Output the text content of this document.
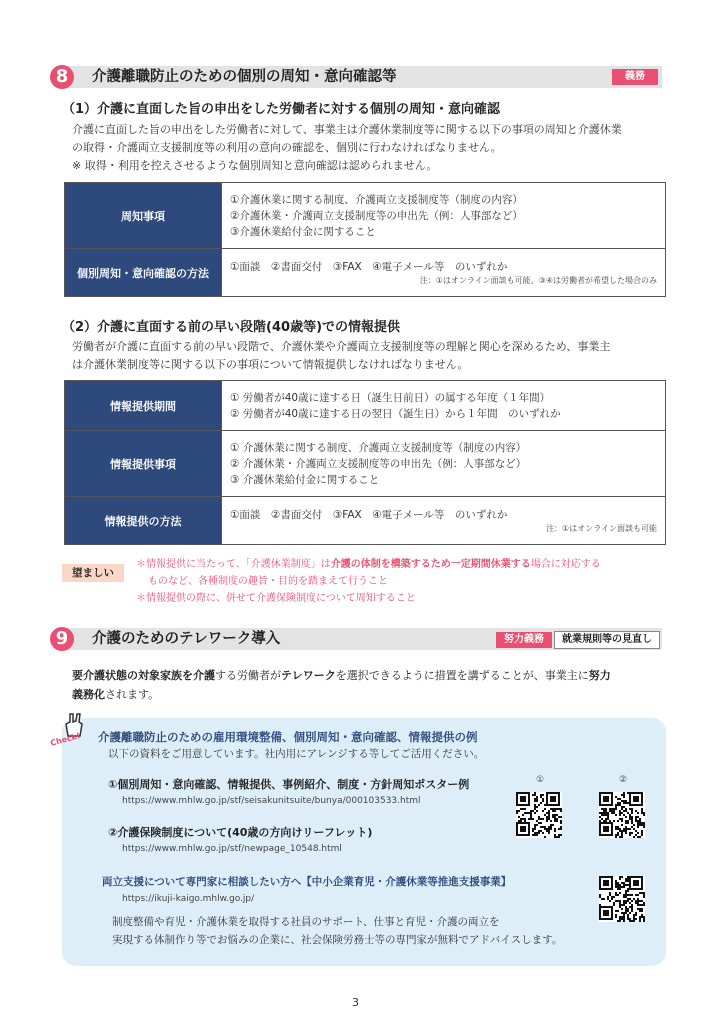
8	介護離職防止のための個別の周知・意向確認等	義務
（1）介護に直面した旨の申出をした労働者に対する個別の周知・意向確認
介護に直面した旨の申出をした労働者に対して、事業主は介護休業制度等に関する以下の事項の周知と介護休業
の取得・介護両立支援制度等の利用の意向の確認を、個別に行わなければなりません。
※ 取得・利用を控えさせるような個別周知と意向確認は認められません。
周知事項	①介護休業に関する制度、介護両立支援制度等（制度の内容）
②介護休業・介護両立支援制度等の申出先（例：人事部など）
③介護休業給付金に関すること

個別周知・意向確認の方法	①面談　②書面交付　③FAX　④電子メール等　のいずれか
注：①はオンライン面談も可能。③④は労働者が希望した場合のみ
（2）介護に直面する前の早い段階(40歳等)での情報提供
労働者が介護に直面する前の早い段階で、介護休業や介護両立支援制度等の理解と関心を深めるため、事業主
は介護休業制度等に関する以下の事項について情報提供しなければなりません。
情報提供期間	① 労働者が40歳に達する日（誕生日前日）の属する年度（１年間）
② 労働者が40歳に達する日の翌日（誕生日）から１年間　のいずれか

情報提供事項	① 介護休業に関する制度、介護両立支援制度等（制度の内容）
② 介護休業・介護両立支援制度等の申出先（例：人事部など）
③ 介護休業給付金に関すること

情報提供の方法	①面談　②書面交付　③FAX　④電子メール等　のいずれか
注：①はオンライン面談も可能
望ましい
＊情報提供に当たって、「介護休業制度」は介護の体制を構築するため一定期間休業する場合に対応する
ものなど、各種制度の趣旨・目的を踏まえて行うこと
＊情報提供の際に、併せて介護保険制度について周知すること
9	介護のためのテレワーク導入	努力義務	就業規則等の見直し
要介護状態の対象家族を介護する労働者がテレワークを選択できるように措置を講ずることが、事業主に努力
義務化されます。
Check! 介護離職防止のための雇用環境整備、個別周知・意向確認、情報提供の例
以下の資料をご用意しています。社内用にアレンジする等してご活用ください。
①個別周知・意向確認、情報提供、事例紹介、制度・方針周知ポスター例
https://www.mhlw.go.jp/stf/seisakunitsuite/bunya/000103533.html
②介護保険制度について(40歳の方向けリーフレット)
https://www.mhlw.go.jp/stf/newpage_10548.html
①	②
両立支援について専門家に相談したい方へ【中小企業育児・介護休業等推進支援事業】
https://ikuji-kaigo.mhlw.go.jp/
制度整備や育児・介護休業を取得する社員のサポート、仕事と育児・介護の両立を
実現する体制作り等でお悩みの企業に、社会保険労務士等の専門家が無料でアドバイスします。
3
